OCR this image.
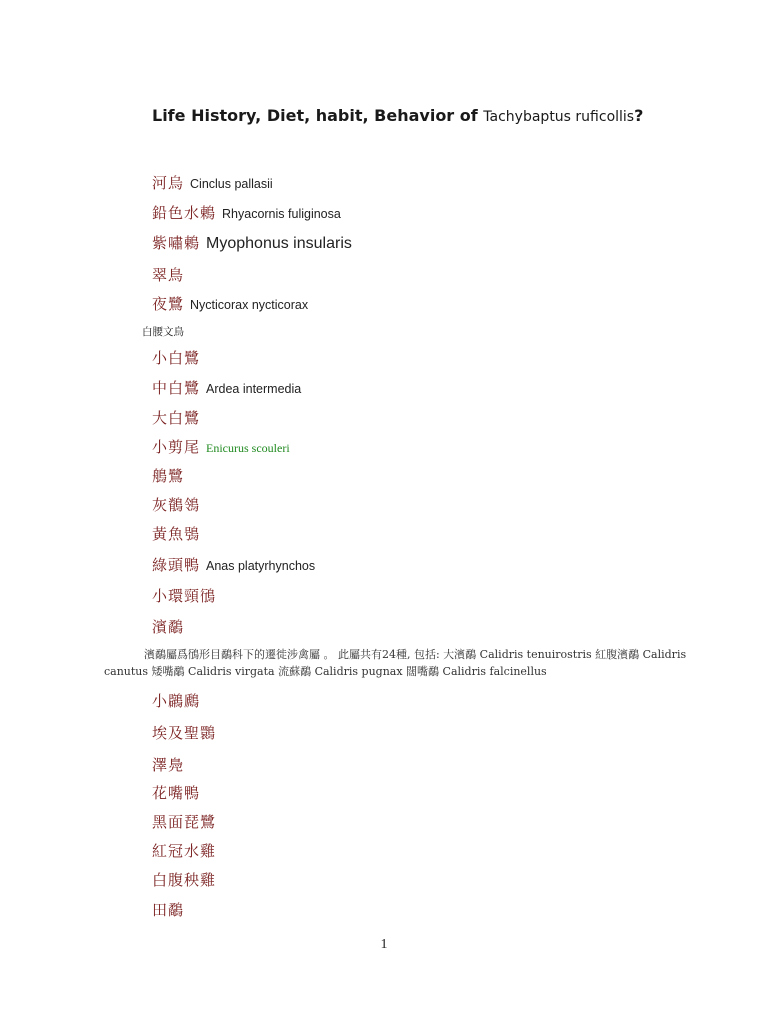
Life History, Diet, habit, Behavior of Tachybaptus ruficollis?
河烏 Cinclus pallasii
鉛色水鶇 Rhyacornis fuliginosa
紫嘯鶇 Myophonus insularis
翠鳥
夜鷺 Nycticorax nycticorax
白腰文鳥
小白鷺
中白鷺 Ardea intermedia
大白鷺
小剪尾 Enicurus scouleri
鵃鷺
灰鶺鴒
黃魚鴞
綠頭鴨 Anas platyrhynchos
小環頸鴴
濱鷸
濱鷸屬爲鴴形目鷸科下的遷徙涉禽屬 。 此屬共有24種, 包括: 大濱鷸 Calidris tenuirostris 紅腹濱鷸 Calidris canutus 矮嘴鷸 Calidris virgata 流蘇鷸 Calidris pugnax 闊嘴鷸 Calidris falcinellus
小鸊鷉
埃及聖䴉
澤鳧
花嘴鴨
黑面琵鷺
紅冠水雞
白腹秧雞
田鷸
1
